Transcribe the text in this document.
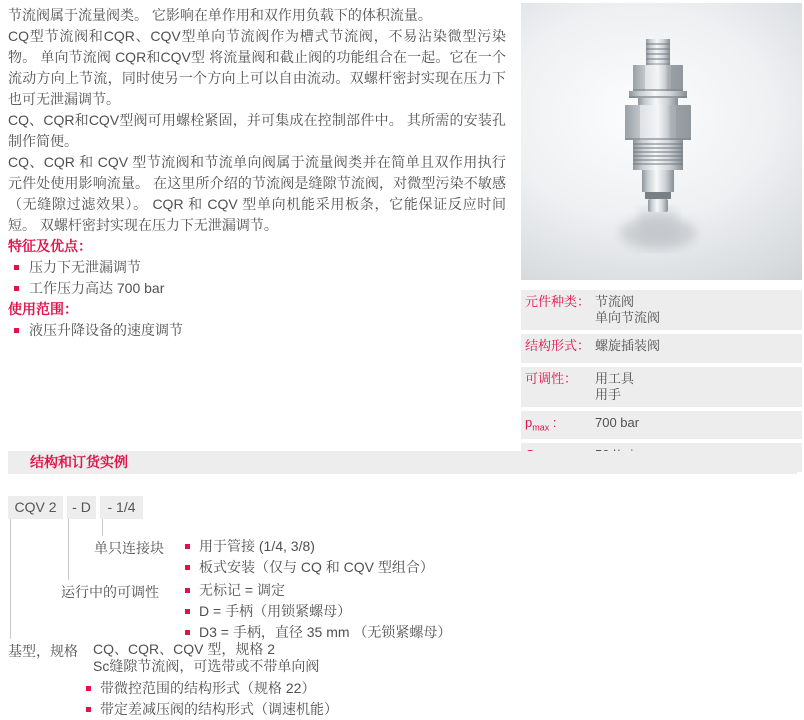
节流阀属于流量阀类。 它影响在单作用和双作用负载下的体积流量。

CQ型节流阀和CQR、CQV型单向节流阀作为槽式节流阀，不易沾染微型污染物。 单向节流阀 CQR和CQV型 将流量阀和截止阀的功能组合在一起。它在一个流动方向上节流，同时使另一个方向上可以自由流动。双螺杆密封实现在压力下也可无泄漏调节。

CQ、CQR和CQV型阀可用螺栓紧固，并可集成在控制部件中。 其所需的安装孔制作简便。

CQ、CQR 和 CQV 型节流阀和节流单向阀属于流量阀类并在简单且双作用执行元件处使用影响流量。 在这里所介绍的节流阀是缝隙节流阀，对微型污染不敏感（无缝隙过滤效果）。 CQR 和 CQV 型单向机能采用板条，它能保证反应时间短。 双螺杆密封实现在压力下无泄漏调节。

特征及优点：
压力下无泄漏调节
工作压力高达 700 bar
使用范围：
液压升降设备的速度调节
元件种类： 节流阀
单向节流阀
结构形式： 螺旋插装阀
可调性：	用工具
用手
$p_{max}$ :	700 bar
结构和订货实例
CQV 2	- D	- 1/4
单只连接块	用于管接 (1/4, 3/8)
板式安装（仅与 CQ 和 CQV 型组合）
运行中的可调性	无标记 = 调定
D = 手柄（用锁紧螺母）
D3 = 手柄，直径 35 mm （无锁紧螺母）
基型，规格	CQ、CQR、CQV 型，规格 2
Sc缝隙节流阀，可选带或不带单向阀
带微控范围的结构形式（规格 22）
带定差减压阀的结构形式（调速机能）
